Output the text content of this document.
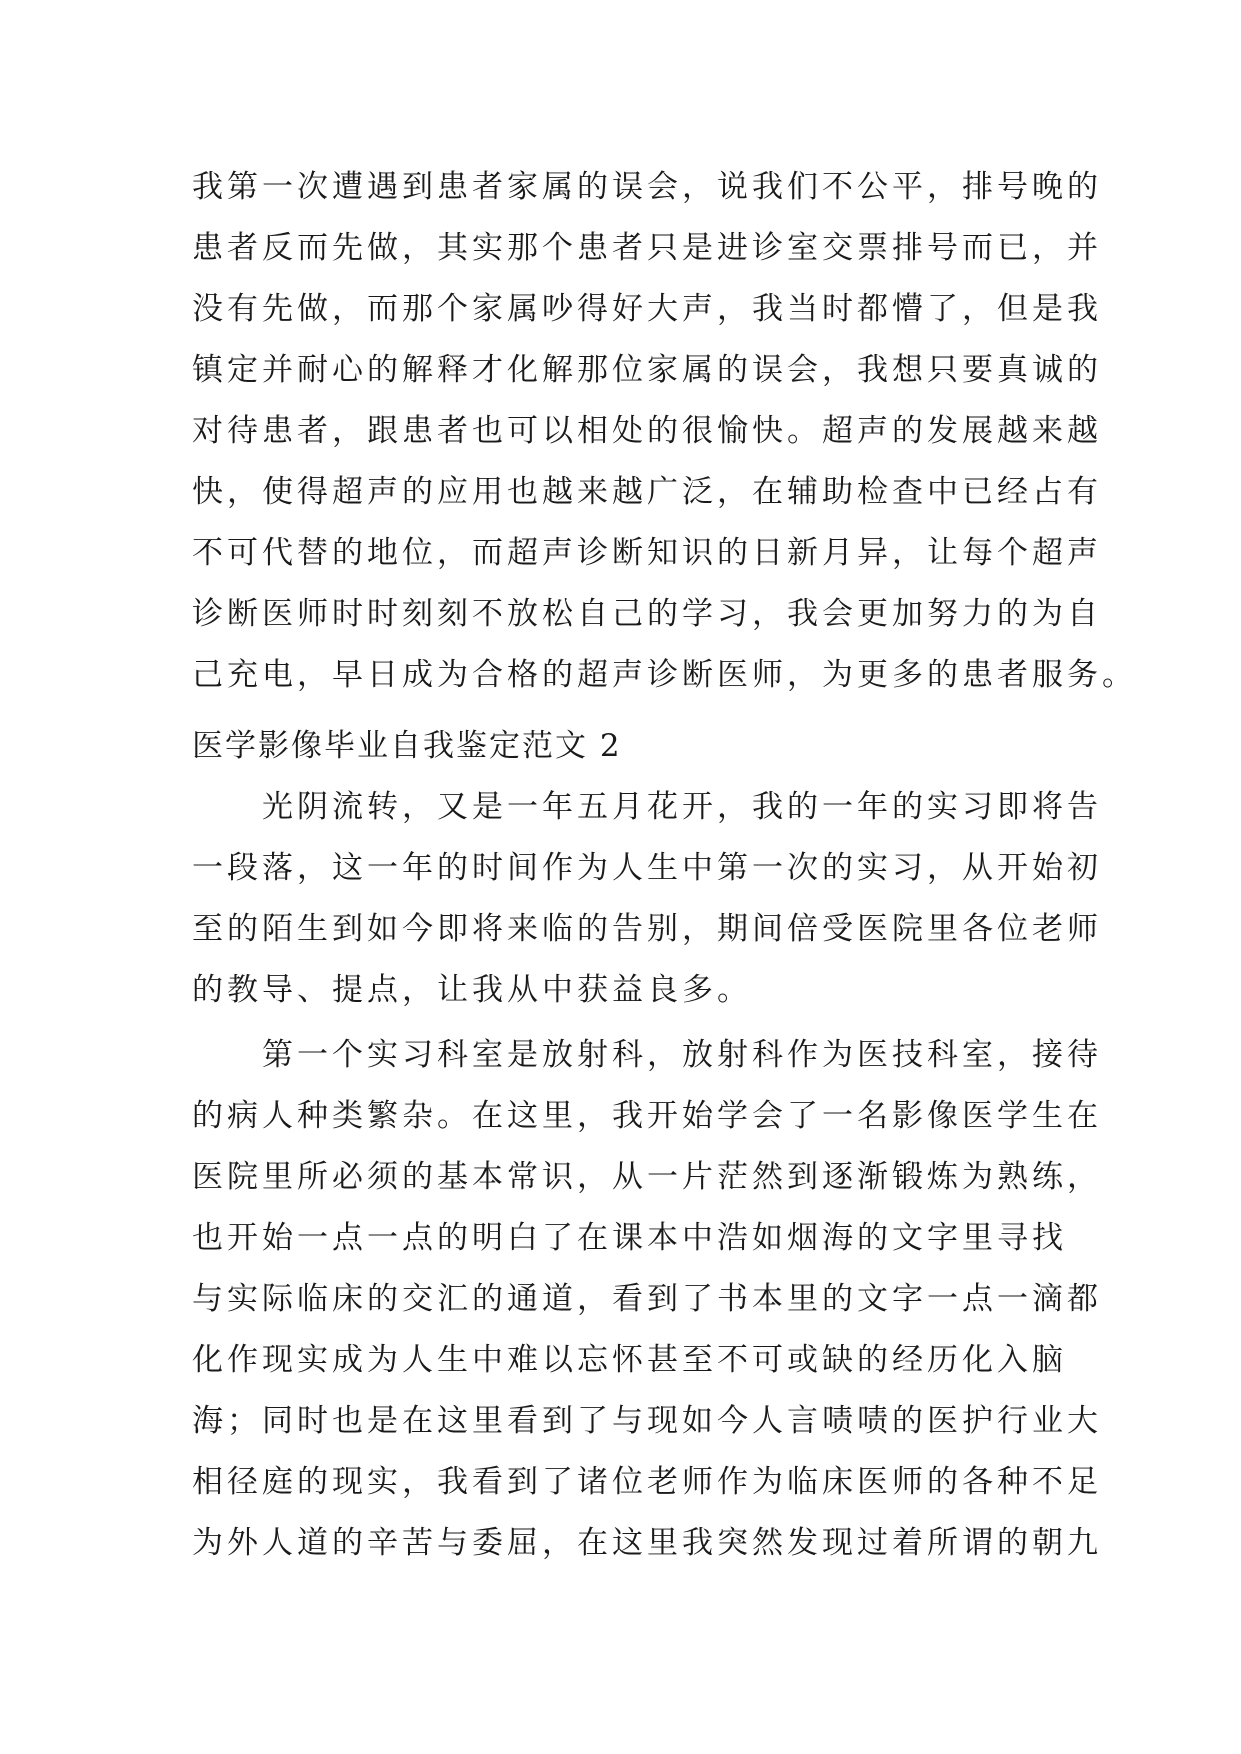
我第一次遭遇到患者家属的误会，说我们不公平，排号晚的
患者反而先做，其实那个患者只是进诊室交票排号而已，并
没有先做，而那个家属吵得好大声，我当时都懵了，但是我
镇定并耐心的解释才化解那位家属的误会，我想只要真诚的
对待患者，跟患者也可以相处的很愉快。超声的发展越来越
快，使得超声的应用也越来越广泛，在辅助检查中已经占有
不可代替的地位，而超声诊断知识的日新月异，让每个超声
诊断医师时时刻刻不放松自己的学习，我会更加努力的为自
己充电，早日成为合格的超声诊断医师，为更多的患者服务。
医学影像毕业自我鉴定范文 2
　　光阴流转，又是一年五月花开，我的一年的实习即将告
一段落，这一年的时间作为人生中第一次的实习，从开始初
至的陌生到如今即将来临的告别，期间倍受医院里各位老师
的教导、提点，让我从中获益良多。
　　第一个实习科室是放射科，放射科作为医技科室，接待
的病人种类繁杂。在这里，我开始学会了一名影像医学生在
医院里所必须的基本常识，从一片茫然到逐渐锻炼为熟练，
也开始一点一点的明白了在课本中浩如烟海的文字里寻找
与实际临床的交汇的通道，看到了书本里的文字一点一滴都
化作现实成为人生中难以忘怀甚至不可或缺的经历化入脑
海；同时也是在这里看到了与现如今人言啧啧的医护行业大
相径庭的现实，我看到了诸位老师作为临床医师的各种不足
为外人道的辛苦与委屈，在这里我突然发现过着所谓的朝九
